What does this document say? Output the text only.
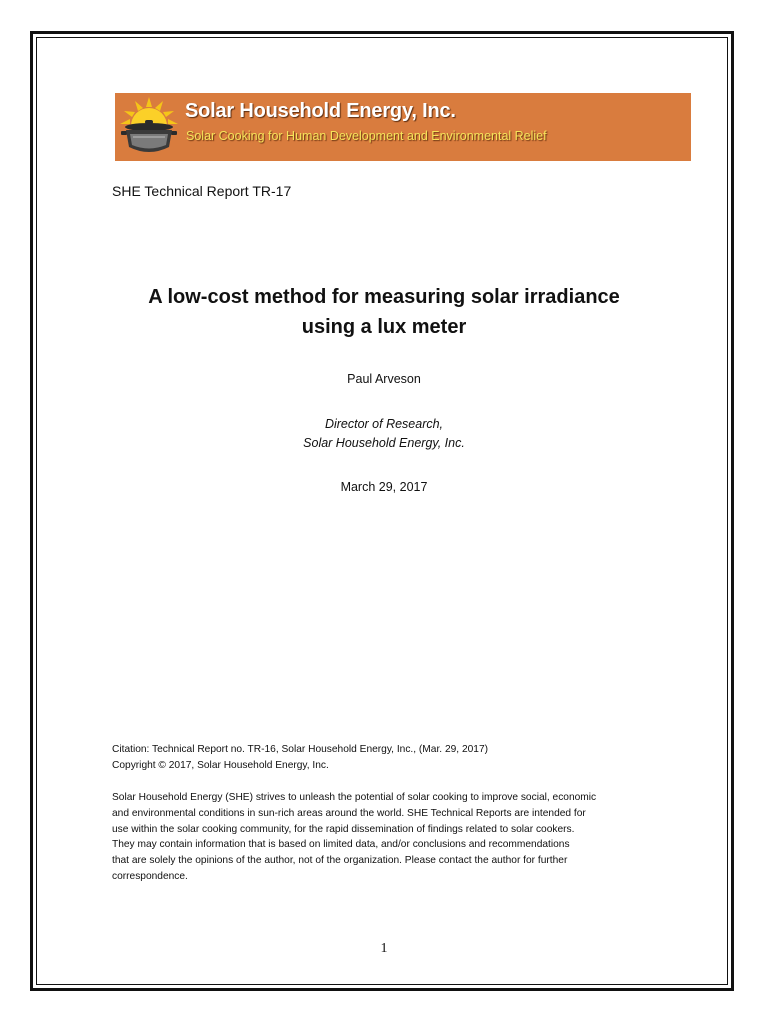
Solar Household Energy, Inc.
Solar Cooking for Human Development and Environmental Relief
SHE Technical Report TR-17
A low-cost method for measuring solar irradiance
using a lux meter
Paul Arveson
Director of Research,
Solar Household Energy, Inc.
March 29, 2017
Citation: Technical Report no. TR-16, Solar Household Energy, Inc., (Mar. 29, 2017)
Copyright © 2017, Solar Household Energy, Inc.
Solar Household Energy (SHE) strives to unleash the potential of solar cooking to improve social, economic
and environmental conditions in sun-rich areas around the world. SHE Technical Reports are intended for
use within the solar cooking community, for the rapid dissemination of findings related to solar cookers.
They may contain information that is based on limited data, and/or conclusions and recommendations
that are solely the opinions of the author, not of the organization. Please contact the author for further
correspondence.
1
